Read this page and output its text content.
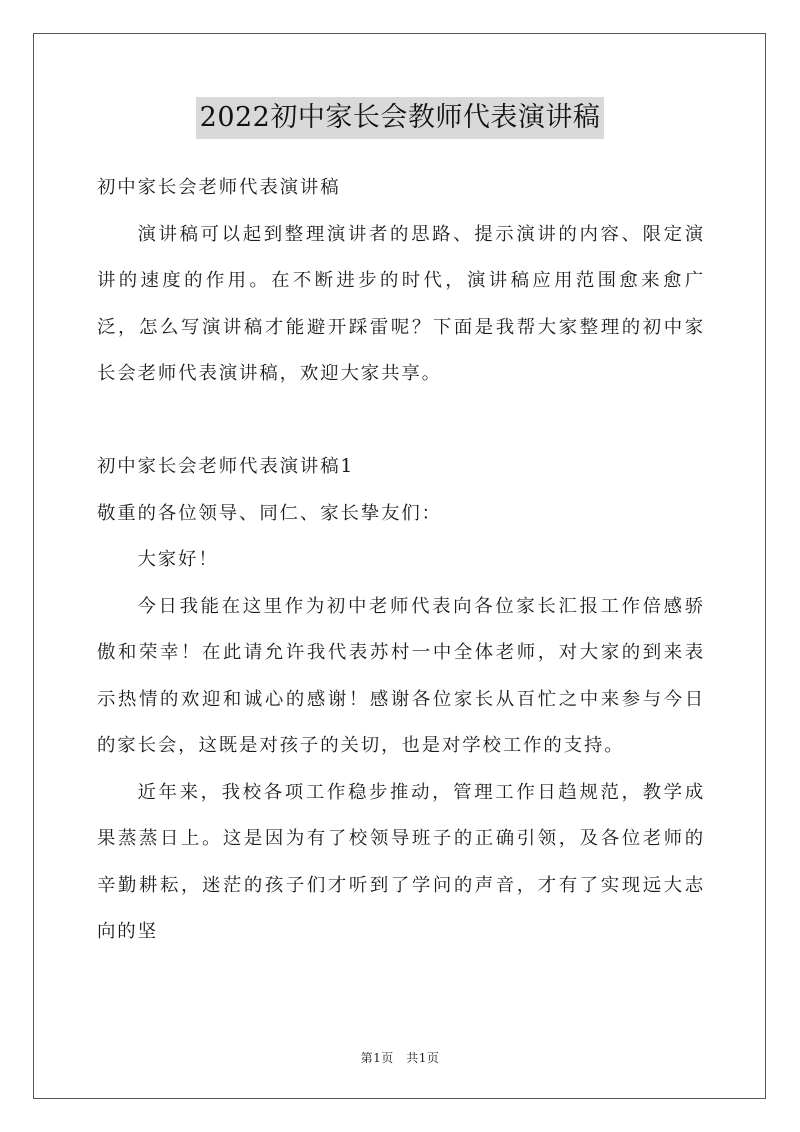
2022初中家长会教师代表演讲稿

初中家长会老师代表演讲稿

演讲稿可以起到整理演讲者的思路、提示演讲的内容、限定演讲的速度的作用。在不断进步的时代，演讲稿应用范围愈来愈广泛，怎么写演讲稿才能避开踩雷呢？下面是我帮大家整理的初中家长会老师代表演讲稿，欢迎大家共享。

初中家长会老师代表演讲稿1

敬重的各位领导、同仁、家长挚友们：

大家好！

今日我能在这里作为初中老师代表向各位家长汇报工作倍感骄傲和荣幸！在此请允许我代表苏村一中全体老师，对大家的到来表示热情的欢迎和诚心的感谢！感谢各位家长从百忙之中来参与今日的家长会，这既是对孩子的关切，也是对学校工作的支持。

近年来，我校各项工作稳步推动，管理工作日趋规范，教学成果蒸蒸日上。这是因为有了校领导班子的正确引领，及各位老师的辛勤耕耘，迷茫的孩子们才听到了学问的声音，才有了实现远大志向的坚

第1页　共1页
